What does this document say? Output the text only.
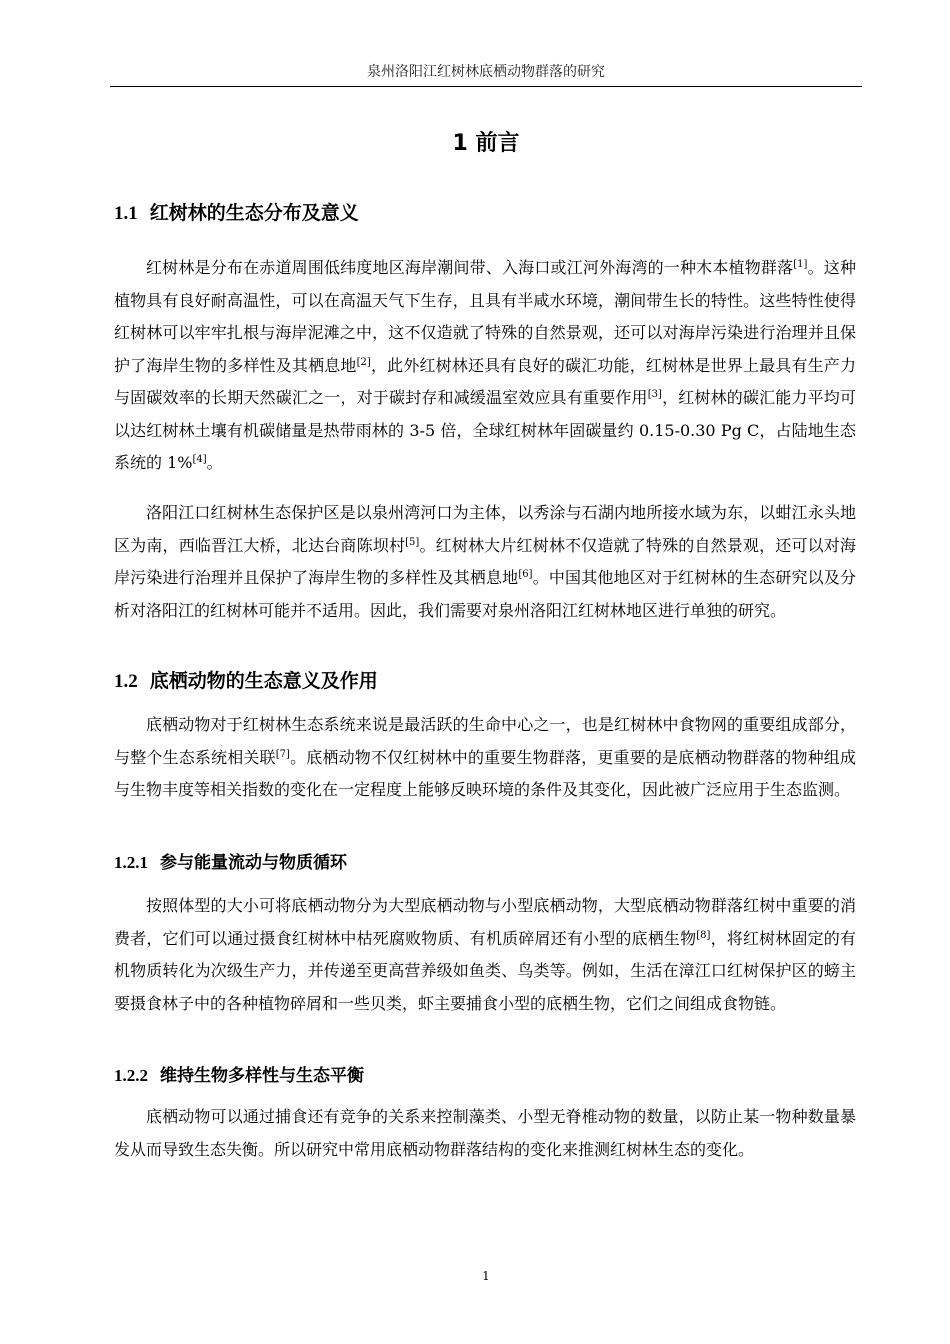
泉州洛阳江红树林底栖动物群落的研究
1 前言
1.1 红树林的生态分布及意义

红树林是分布在赤道周围低纬度地区海岸潮间带、入海口或江河外海湾的一种木本植物群落[1]。这种植物具有良好耐高温性，可以在高温天气下生存，且具有半咸水环境，潮间带生长的特性。这些特性使得红树林可以牢牢扎根与海岸泥滩之中，这不仅造就了特殊的自然景观，还可以对海岸污染进行治理并且保护了海岸生物的多样性及其栖息地[2]，此外红树林还具有良好的碳汇功能，红树林是世界上最具有生产力与固碳效率的长期天然碳汇之一，对于碳封存和减缓温室效应具有重要作用[3]，红树林的碳汇能力平均可以达红树林土壤有机碳储量是热带雨林的 3-5 倍，全球红树林年固碳量约 0.15-0.30 Pg C，占陆地生态系统的 1%[4]。

洛阳江口红树林生态保护区是以泉州湾河口为主体，以秀涂与石湖内地所接水域为东，以蚶江永头地区为南，西临晋江大桥，北达台商陈坝村[5]。红树林大片红树林不仅造就了特殊的自然景观，还可以对海岸污染进行治理并且保护了海岸生物的多样性及其栖息地[6]。中国其他地区对于红树林的生态研究以及分析对洛阳江的红树林可能并不适用。因此，我们需要对泉州洛阳江红树林地区进行单独的研究。

1.2 底栖动物的生态意义及作用

底栖动物对于红树林生态系统来说是最活跃的生命中心之一，也是红树林中食物网的重要组成部分，与整个生态系统相关联[7]。底栖动物不仅红树林中的重要生物群落，更重要的是底栖动物群落的物种组成与生物丰度等相关指数的变化在一定程度上能够反映环境的条件及其变化，因此被广泛应用于生态监测。

1.2.1 参与能量流动与物质循环

按照体型的大小可将底栖动物分为大型底栖动物与小型底栖动物，大型底栖动物群落红树中重要的消费者，它们可以通过摄食红树林中枯死腐败物质、有机质碎屑还有小型的底栖生物[8]，将红树林固定的有机物质转化为次级生产力，并传递至更高营养级如鱼类、鸟类等。例如，生活在漳江口红树保护区的螃主要摄食林子中的各种植物碎屑和一些贝类，虾主要捕食小型的底栖生物，它们之间组成食物链。

1.2.2 维持生物多样性与生态平衡

底栖动物可以通过捕食还有竞争的关系来控制藻类、小型无脊椎动物的数量，以防止某一物种数量暴发从而导致生态失衡。所以研究中常用底栖动物群落结构的变化来推测红树林生态的变化。

1
